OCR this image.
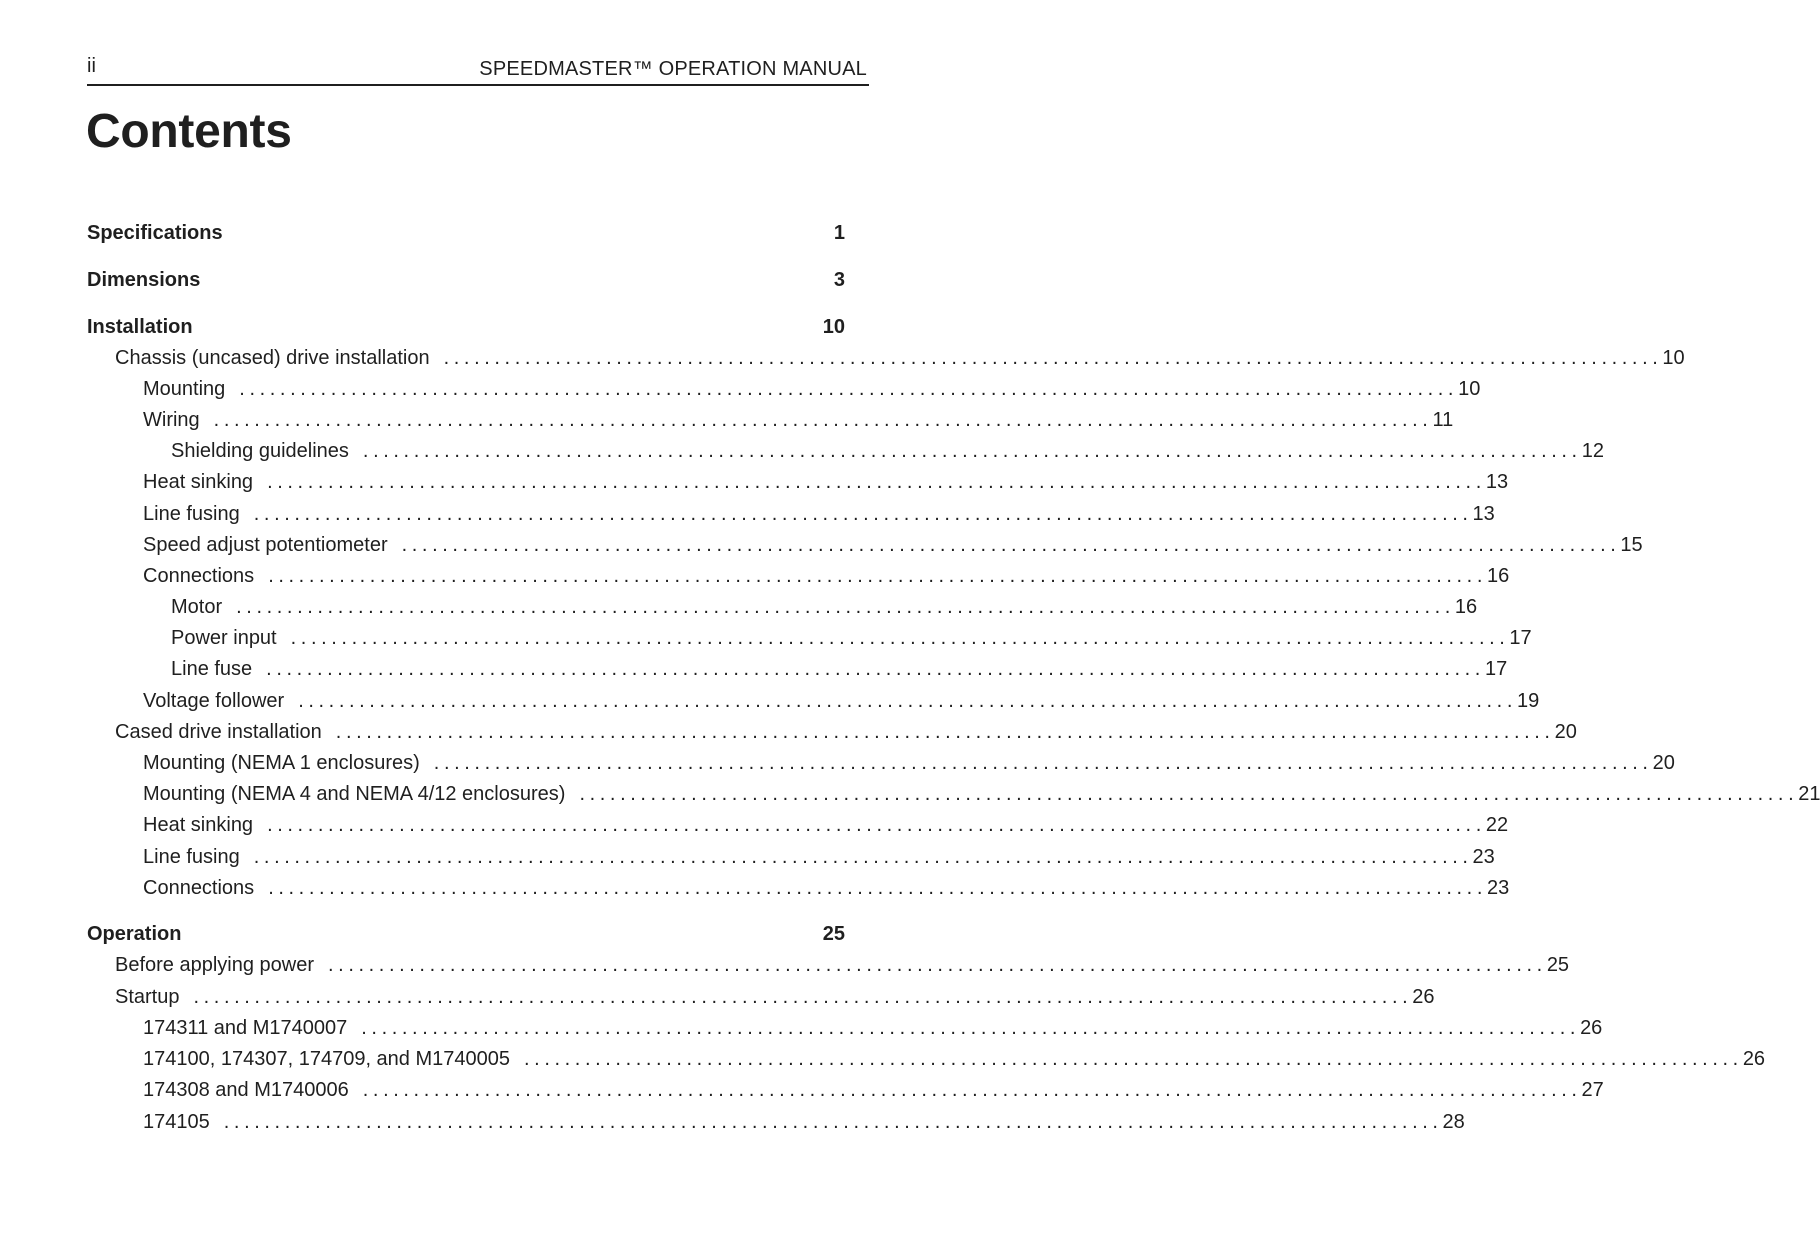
ii	SPEEDMASTER™ OPERATION MANUAL
Contents
Specifications	1
Dimensions	3
Installation	10
Chassis (uncased) drive installation ........................................................................................................................ 10
Mounting ........................................................................................................................ 10
Wiring ........................................................................................................................ 11
Shielding guidelines ........................................................................................................................ 12
Heat sinking ........................................................................................................................ 13
Line fusing ........................................................................................................................ 13
Speed adjust potentiometer ........................................................................................................................ 15
Connections ........................................................................................................................ 16
Motor ........................................................................................................................ 16
Power input ........................................................................................................................ 17
Line fuse ........................................................................................................................ 17
Voltage follower ........................................................................................................................ 19
Cased drive installation ........................................................................................................................ 20
Mounting (NEMA 1 enclosures) ........................................................................................................................ 20
Mounting (NEMA 4 and NEMA 4/12 enclosures) ........................................................................................................................ 21
Heat sinking ........................................................................................................................ 22
Line fusing ........................................................................................................................ 23
Connections ........................................................................................................................ 23
Operation	25
Before applying power ........................................................................................................................ 25
Startup ........................................................................................................................ 26
174311 and M1740007 ........................................................................................................................ 26
174100, 174307, 174709, and M1740005 ........................................................................................................................ 26
174308 and M1740006 ........................................................................................................................ 27
174105 ........................................................................................................................ 28
